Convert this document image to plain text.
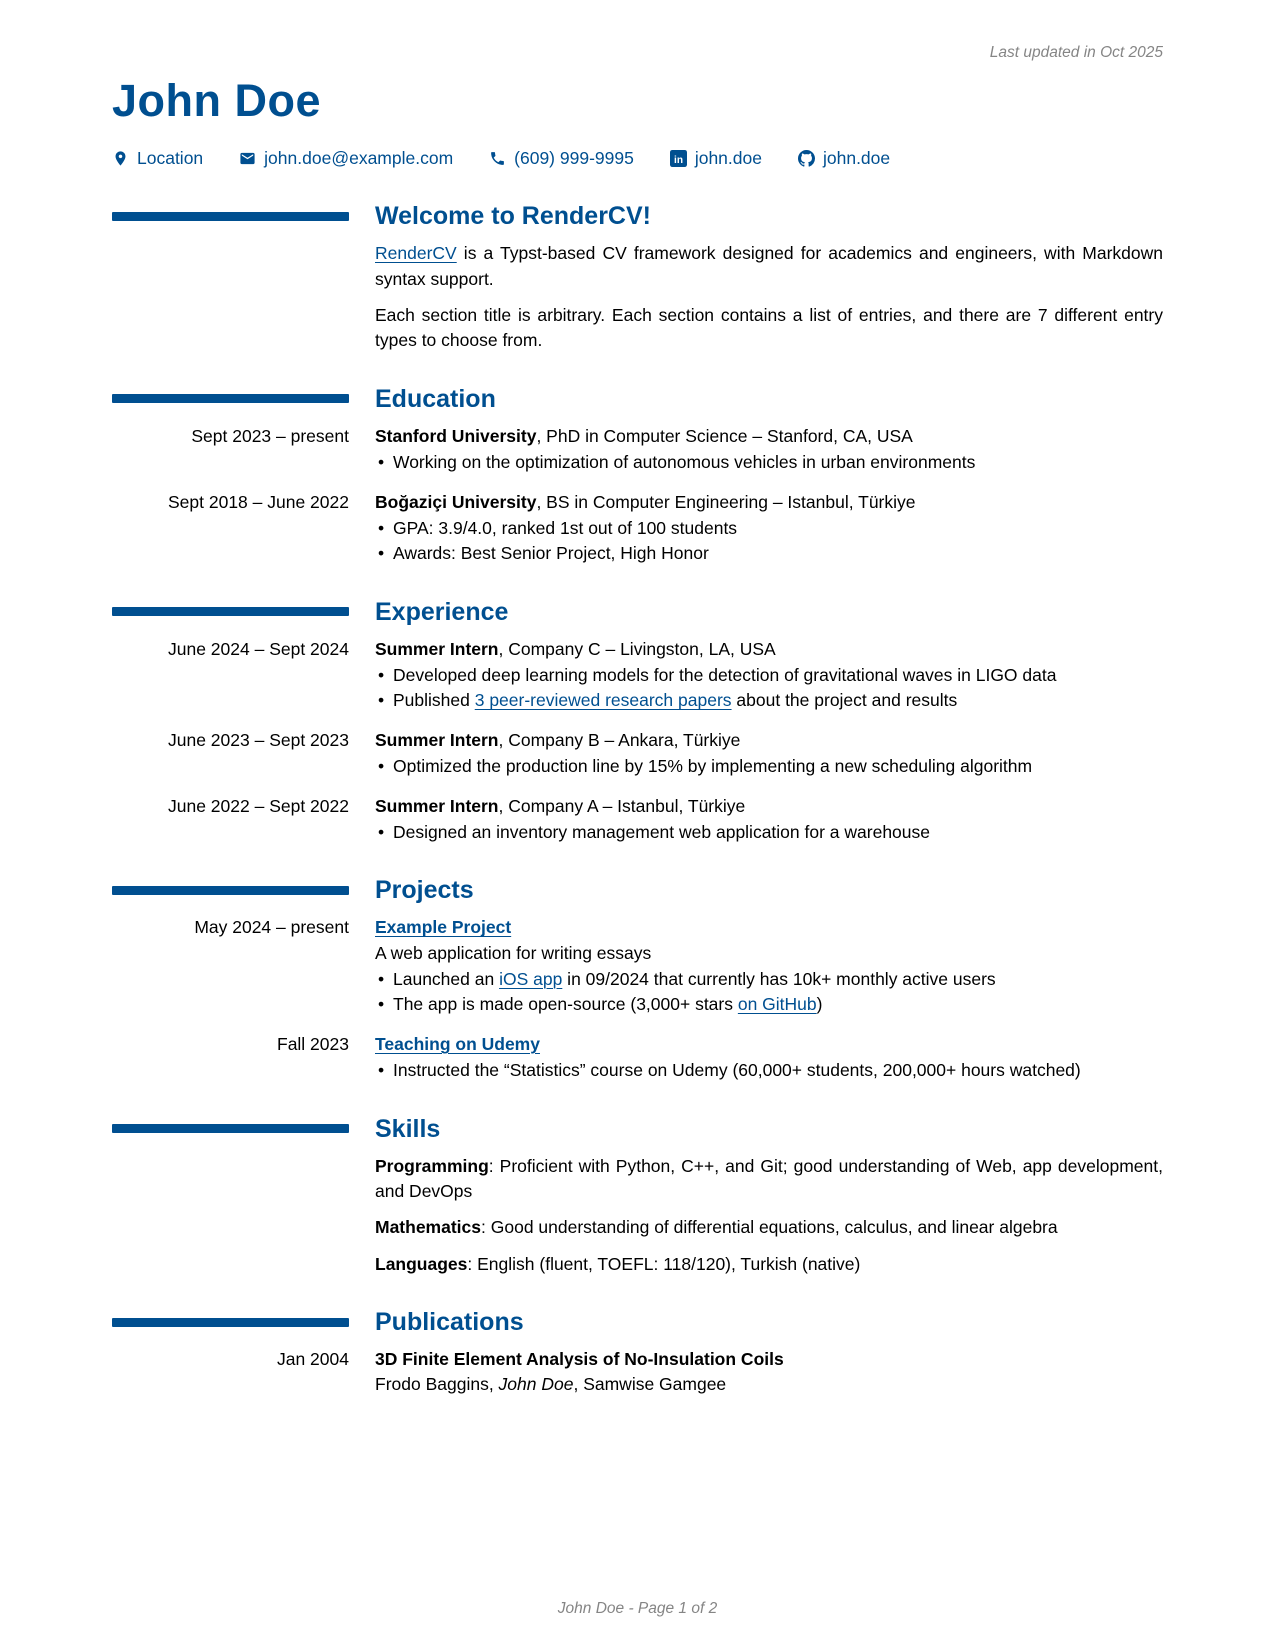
Last updated in Oct 2025
John Doe
Location	john.doe@example.com	(609) 999-9995	in john.doe	john.doe
Welcome to RenderCV!

RenderCV is a Typst-based CV framework designed for academics and engineers, with Markdown syntax support.

Each section title is arbitrary. Each section contains a list of entries, and there are 7 different entry types to choose from.

Education
Sept 2023 – present Stanford University, PhD in Computer Science – Stanford, CA, USA
• Working on the optimization of autonomous vehicles in urban environments
Sept 2018 – June 2022 Boğaziçi University, BS in Computer Engineering – Istanbul, Türkiye
• GPA: 3.9/4.0, ranked 1st out of 100 students
• Awards: Best Senior Project, High Honor
Experience
June 2024 – Sept 2024 Summer Intern, Company C – Livingston, LA, USA
• Developed deep learning models for the detection of gravitational waves in LIGO data
• Published 3 peer-reviewed research papers about the project and results
June 2023 – Sept 2023 Summer Intern, Company B – Ankara, Türkiye
• Optimized the production line by 15% by implementing a new scheduling algorithm
June 2022 – Sept 2022 Summer Intern, Company A – Istanbul, Türkiye
• Designed an inventory management web application for a warehouse
Projects
May 2024 – present Example Project
A web application for writing essays
• Launched an iOS app in 09/2024 that currently has 10k+ monthly active users
• The app is made open-source (3,000+ stars on GitHub)
Fall 2023 Teaching on Udemy
• Instructed the “Statistics” course on Udemy (60,000+ students, 200,000+ hours watched)
Skills

Programming: Proficient with Python, C++, and Git; good understanding of Web, app development, and DevOps

Mathematics: Good understanding of differential equations, calculus, and linear algebra

Languages: English (fluent, TOEFL: 118/120), Turkish (native)

Publications
Jan 2004 3D Finite Element Analysis of No-Insulation Coils
Frodo Baggins, John Doe, Samwise Gamgee
John Doe - Page 1 of 2
